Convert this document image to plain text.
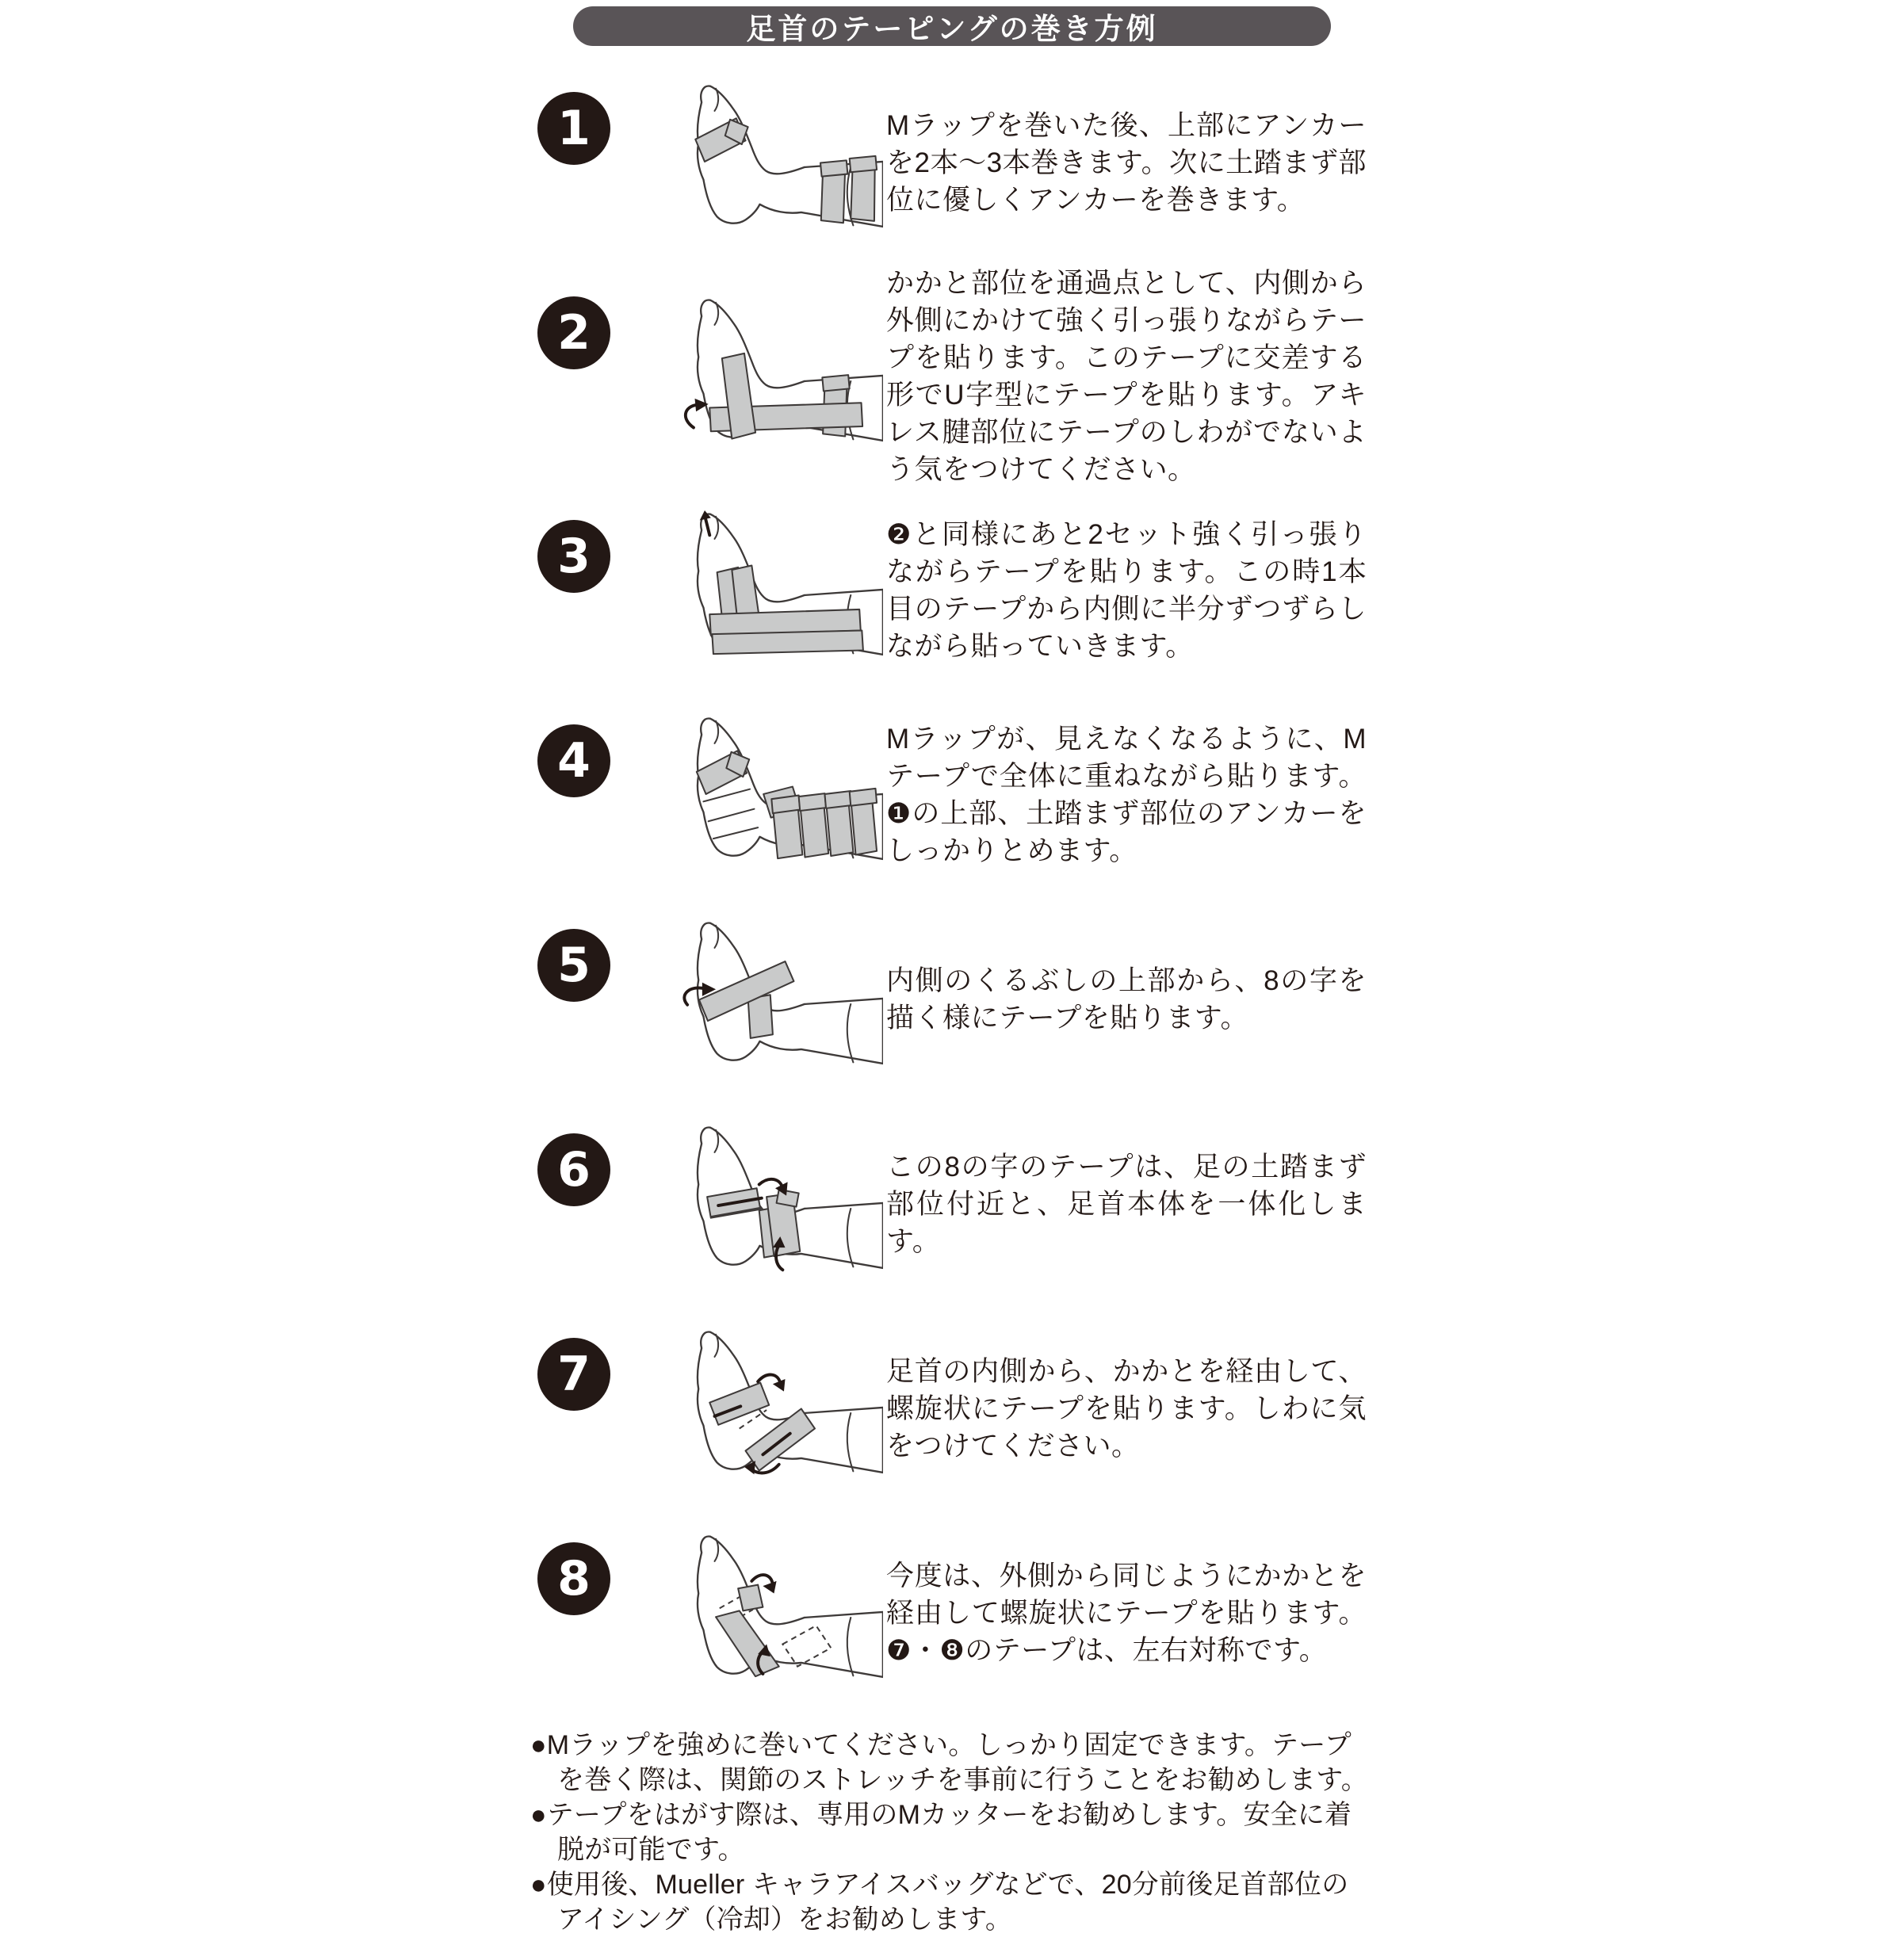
足首のテーピングの巻き方例
1	Mラップを巻いた後、上部にアンカーを2本～3本巻きます。次に土踏まず部位に優しくアンカーを巻きます。
2
かかと部位を通過点として、内側から外側にかけて強く引っ張りながらテープを貼ります。このテープに交差する形でU字型にテープを貼ります。アキレス腱部位にテープのしわがでないよう気をつけてください。
3	❷と同様にあと2セット強く引っ張りながらテープを貼ります。この時1本目のテープから内側に半分ずつずらしながら貼っていきます。
4	Mラップが、見えなくなるように、Mテープで全体に重ねながら貼ります。❶の上部、土踏まず部位のアンカーをしっかりとめます。
5	内側のくるぶしの上部から、8の字を描く様にテープを貼ります。
6	この8の字のテープは、足の土踏まず部位付近と、足首本体を一体化します。
7	足首の内側から、かかとを経由して、螺旋状にテープを貼ります。しわに気をつけてください。
8	今度は、外側から同じようにかかとを経由して螺旋状にテープを貼ります。❼・❽のテープは、左右対称です。
●Mラップを強めに巻いてください。しっかり固定できます。テープを巻く際は、関節のストレッチを事前に行うことをお勧めします。
●テープをはがす際は、専用のMカッターをお勧めします。安全に着脱が可能です。
●使用後、Mueller キャラアイスバッグなどで、20分前後足首部位のアイシング（冷却）をお勧めします。
